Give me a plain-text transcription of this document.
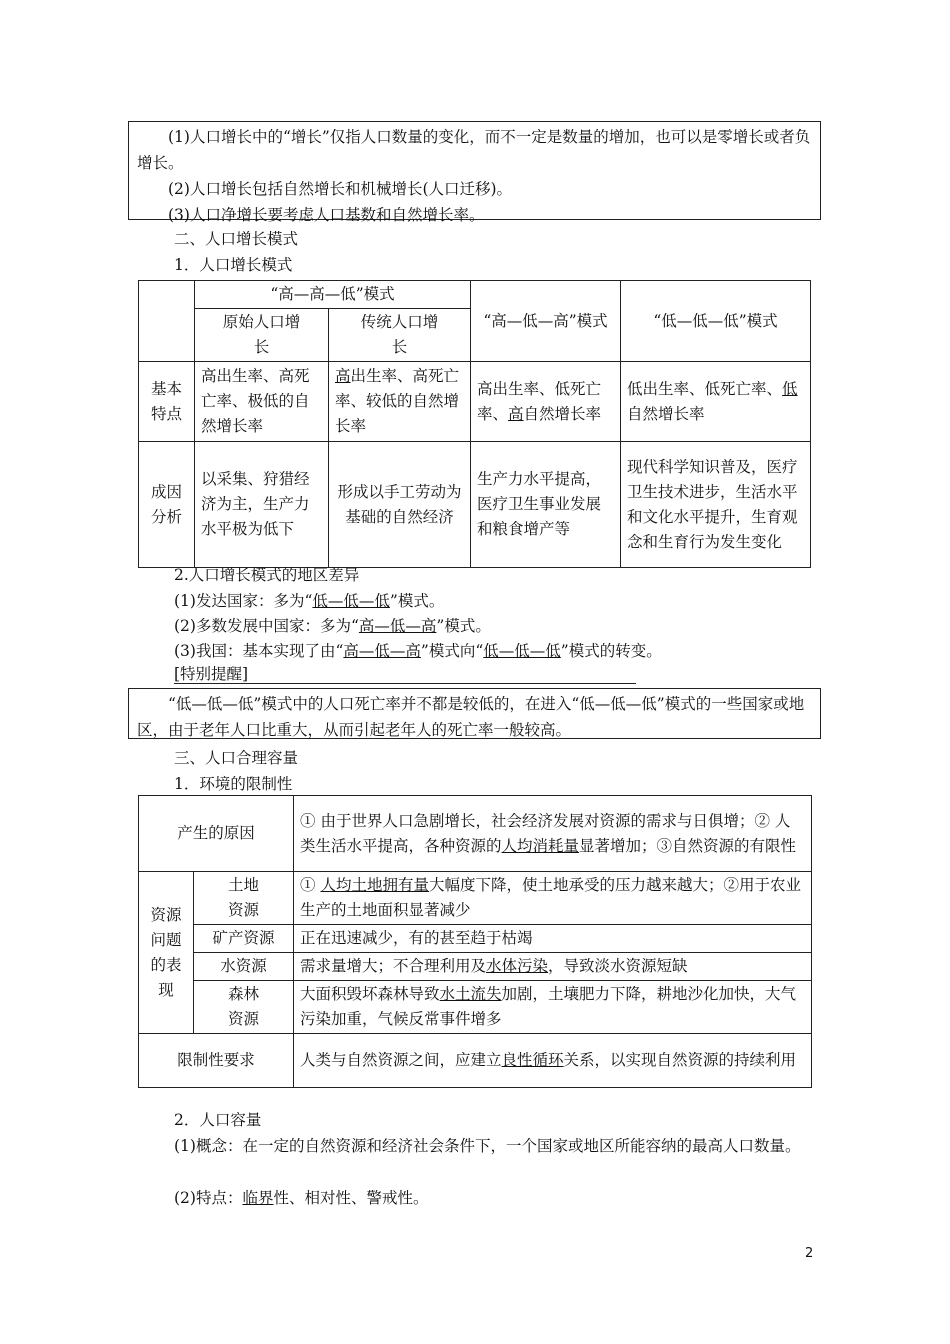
(1)人口增长中的“增长”仅指人口数量的变化，而不一定是数量的增加，也可以是零增长或者负增长。

(2)人口增长包括自然增长和机械增长(人口迁移)。

(3)人口净增长要考虑人口基数和自然增长率。

二、人口增长模式
1．人口增长模式
	“高—高—低”模式		“高—低—高”模式	“低—低—低”模式
	原始人口增长	传统人口增长		
基本特点	高出生率、高死亡率、极低的自然增长率	高出生率、高死亡率、较低的自然增长率	高出生率、低死亡率、高自然增长率	低出生率、低死亡率、低自然增长率
成因分析	以采集、狩猎经济为主，生产力水平极为低下	形成以手工劳动为基础的自然经济	生产力水平提高，医疗卫生事业发展和粮食增产等	现代科学知识普及，医疗卫生技术进步，生活水平和文化水平提升，生育观念和生育行为发生变化
2.人口增长模式的地区差异
(1)发达国家：多为“低—低—低”模式。
(2)多数发展中国家：多为“高—低—高”模式。
(3)我国：基本实现了由“高—低—高”模式向“低—低—低”模式的转变。
[特别提醒]

“低—低—低”模式中的人口死亡率并不都是较低的，在进入“低—低—低”模式的一些国家或地区，由于老年人口比重大，从而引起老年人的死亡率一般较高。

三、人口合理容量
1．环境的限制性
产生的原因		① 由于世界人口急剧增长，社会经济发展对资源的需求与日俱增；② 人类生活水平提高，各种资源的人均消耗量显著增加；③自然资源的有限性
资源问题的表现	土地资源	① 人均土地拥有量大幅度下降，使土地承受的压力越来越大；②用于农业生产的土地面积显著减少
	矿产资源	正在迅速减少，有的甚至趋于枯竭
	水资源	需求量增大；不合理利用及水体污染，导致淡水资源短缺
	森林资源	大面积毁坏森林导致水土流失加剧，土壤肥力下降，耕地沙化加快，大气污染加重，气候反常事件增多
限制性要求		人类与自然资源之间，应建立良性循环关系，以实现自然资源的持续利用
2．人口容量
(1)概念：在一定的自然资源和经济社会条件下，一个国家或地区所能容纳的最高人口数量。
(2)特点：临界性、相对性、警戒性。
2
